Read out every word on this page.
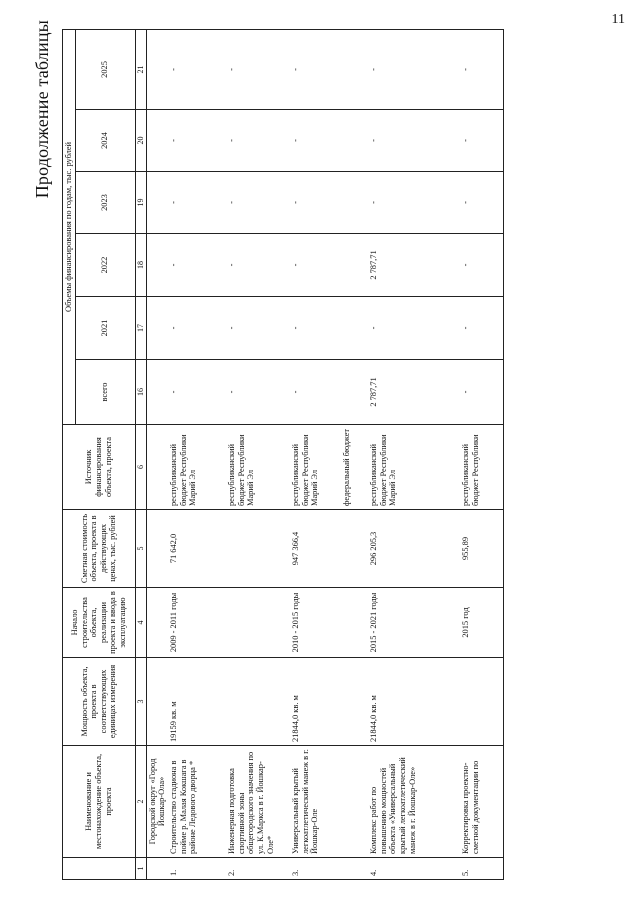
11
Продолжение таблицы
	Наименование и местонахождение объекта, проекта	Мощность объекта, проекта в соответствующих единицах измерения	Начало строительства объекта, реализации проекта и ввода в эксплуатацию	Сметная стоимость объекта, проекта в действующих ценах, тыс. рублей	Источник финансирования объекта, проекта	Объемы финансирования по годам, тыс. рублей					
						всего	2021	2022	2023	2024	2025
1	2	3	4	5	6	16	17	18	19	20	21
	Городской округ «Город Йошкар-Ола»										
1.	Строительство стадиона в пойме р. Малая Кокшага в районе Ледового дворца *	19159 кв. м	2009 - 2011 годы	71 642,0	республиканский бюджет Республики Марий Эл	-	-	-	-	-	-
2.	Инженерная подготовка спортивной зоны общегородского значения по ул. К.Маркса в г. Йошкар-Оле*				республиканский бюджет Республики Марий Эл	-	-	-	-	-	-
3.	Универсальный крытый легкоатлетический манеж в г. Йошкар-Оле	21844,0 кв. м	2010 - 2015 годы	947 366,4	республиканский бюджет Республики Марий Эл федеральный бюджет	-	-	-	-	-	-
4.	Комплекс работ по повышению мощностей объекта «Универсальный крытый легкоатлетический манеж в г. Йошкар-Оле»	21844,0 кв. м	2015 - 2021 годы	296 205,3	республиканский бюджет Республики Марий Эл	2 787,71	-	2 787,71	-	-	-
5.	Корректировка проектно-сметной документации по		2015 год	955,89	республиканский бюджет Республики	-	-	-	-	-	-
